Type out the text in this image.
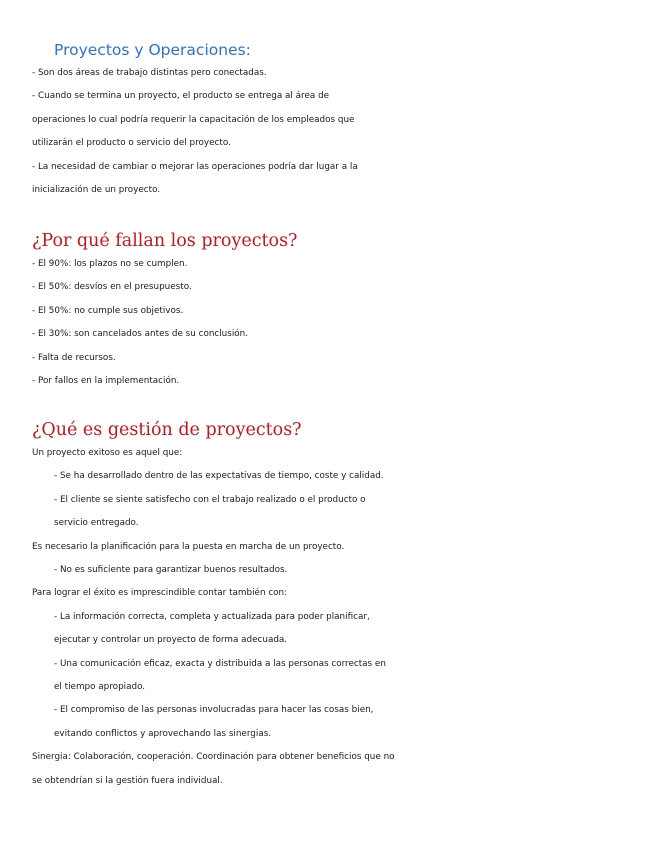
Proyectos y Operaciones:
- Son dos áreas de trabajo distintas pero conectadas.
- Cuando se termina un proyecto, el producto se entrega al área de
operaciones lo cual podría requerir la capacitación de los empleados que
utilizarán el producto o servicio del proyecto.
- La necesidad de cambiar o mejorar las operaciones podría dar lugar a la
inicialización de un proyecto.
¿Por qué fallan los proyectos?
- El 90%: los plazos no se cumplen.
- El 50%: desvíos en el presupuesto.
- El 50%: no cumple sus objetivos.
- El 30%: son cancelados antes de su conclusión.
- Falta de recursos.
- Por fallos en la implementación.
¿Qué es gestión de proyectos?
Un proyecto exitoso es aquel que:
- Se ha desarrollado dentro de las expectativas de tiempo, coste y calidad.
- El cliente se siente satisfecho con el trabajo realizado o el producto o
servicio entregado.
Es necesario la planificación para la puesta en marcha de un proyecto.
- No es suficiente para garantizar buenos resultados.
Para lograr el éxito es imprescindible contar también con:
- La información correcta, completa y actualizada para poder planificar,
ejecutar y controlar un proyecto de forma adecuada.
- Una comunicación eficaz, exacta y distribuida a las personas correctas en
el tiempo apropiado.
- El compromiso de las personas involucradas para hacer las cosas bien,
evitando conflictos y aprovechando las sinergias.
Sinergia: Colaboración, cooperación. Coordinación para obtener beneficios que no
se obtendrían si la gestión fuera individual.
